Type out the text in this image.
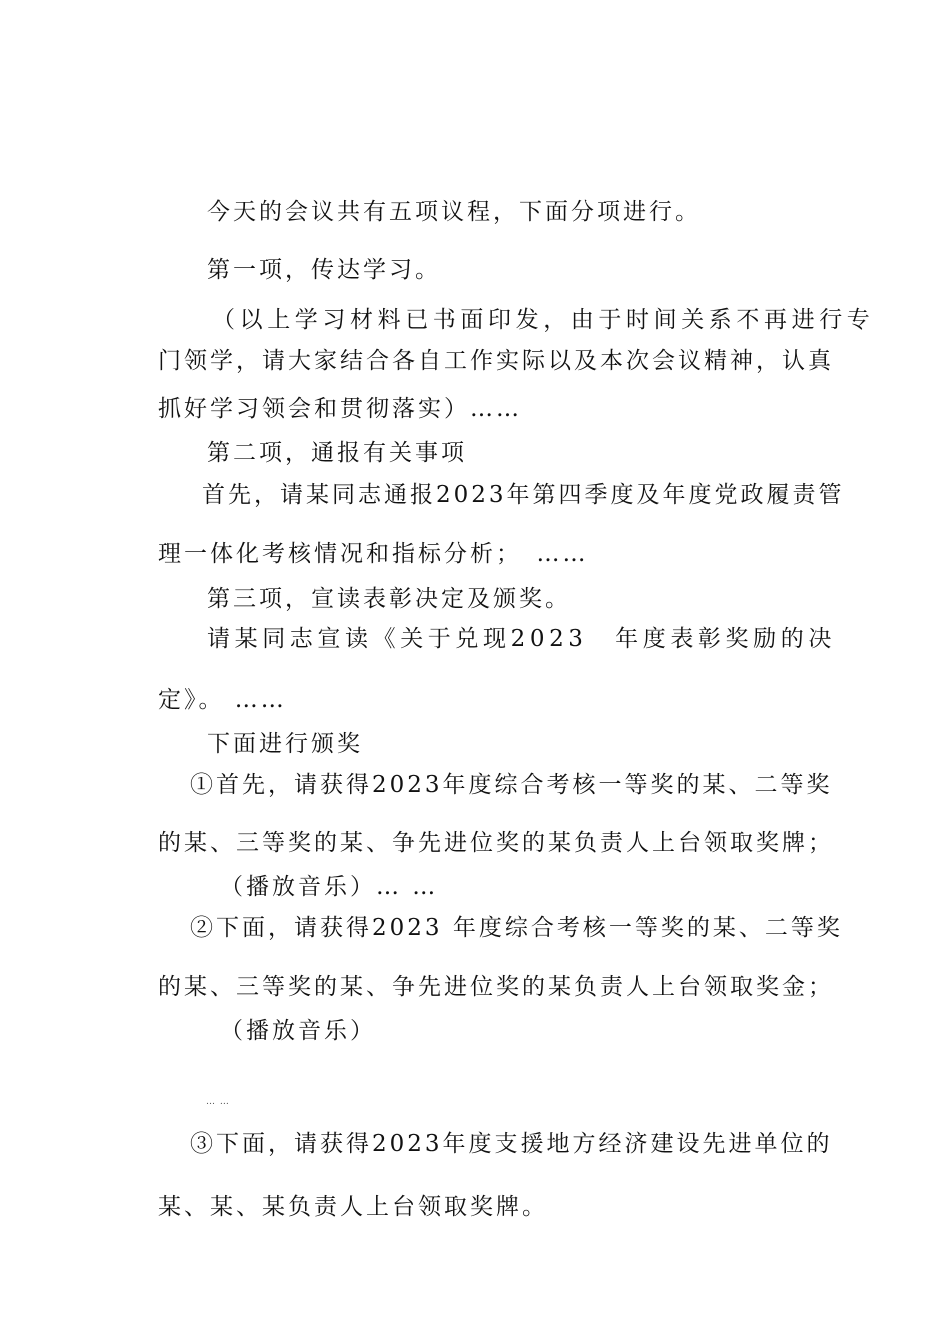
今天的会议共有五项议程，下面分项进行。
第一项，传达学习。
（以上学习材料已书面印发，由于时间关系不再进行专
门领学，请大家结合各自工作实际以及本次会议精神，认真
抓好学习领会和贯彻落实）……
第二项，通报有关事项
首先，请某同志通报2023年第四季度及年度党政履责管
理一体化考核情况和指标分析；　……
第三项，宣读表彰决定及颁奖。
请某同志宣读《关于兑现2023　年度表彰奖励的决
定》。 ……
下面进行颁奖
①首先，请获得2023年度综合考核一等奖的某、二等奖
的某、三等奖的某、争先进位奖的某负责人上台领取奖牌；
（播放音乐）… …
②下面，请获得2023 年度综合考核一等奖的某、二等奖
的某、三等奖的某、争先进位奖的某负责人上台领取奖金；
（播放音乐）
… …
③下面，请获得2023年度支援地方经济建设先进单位的
某、某、某负责人上台领取奖牌。
